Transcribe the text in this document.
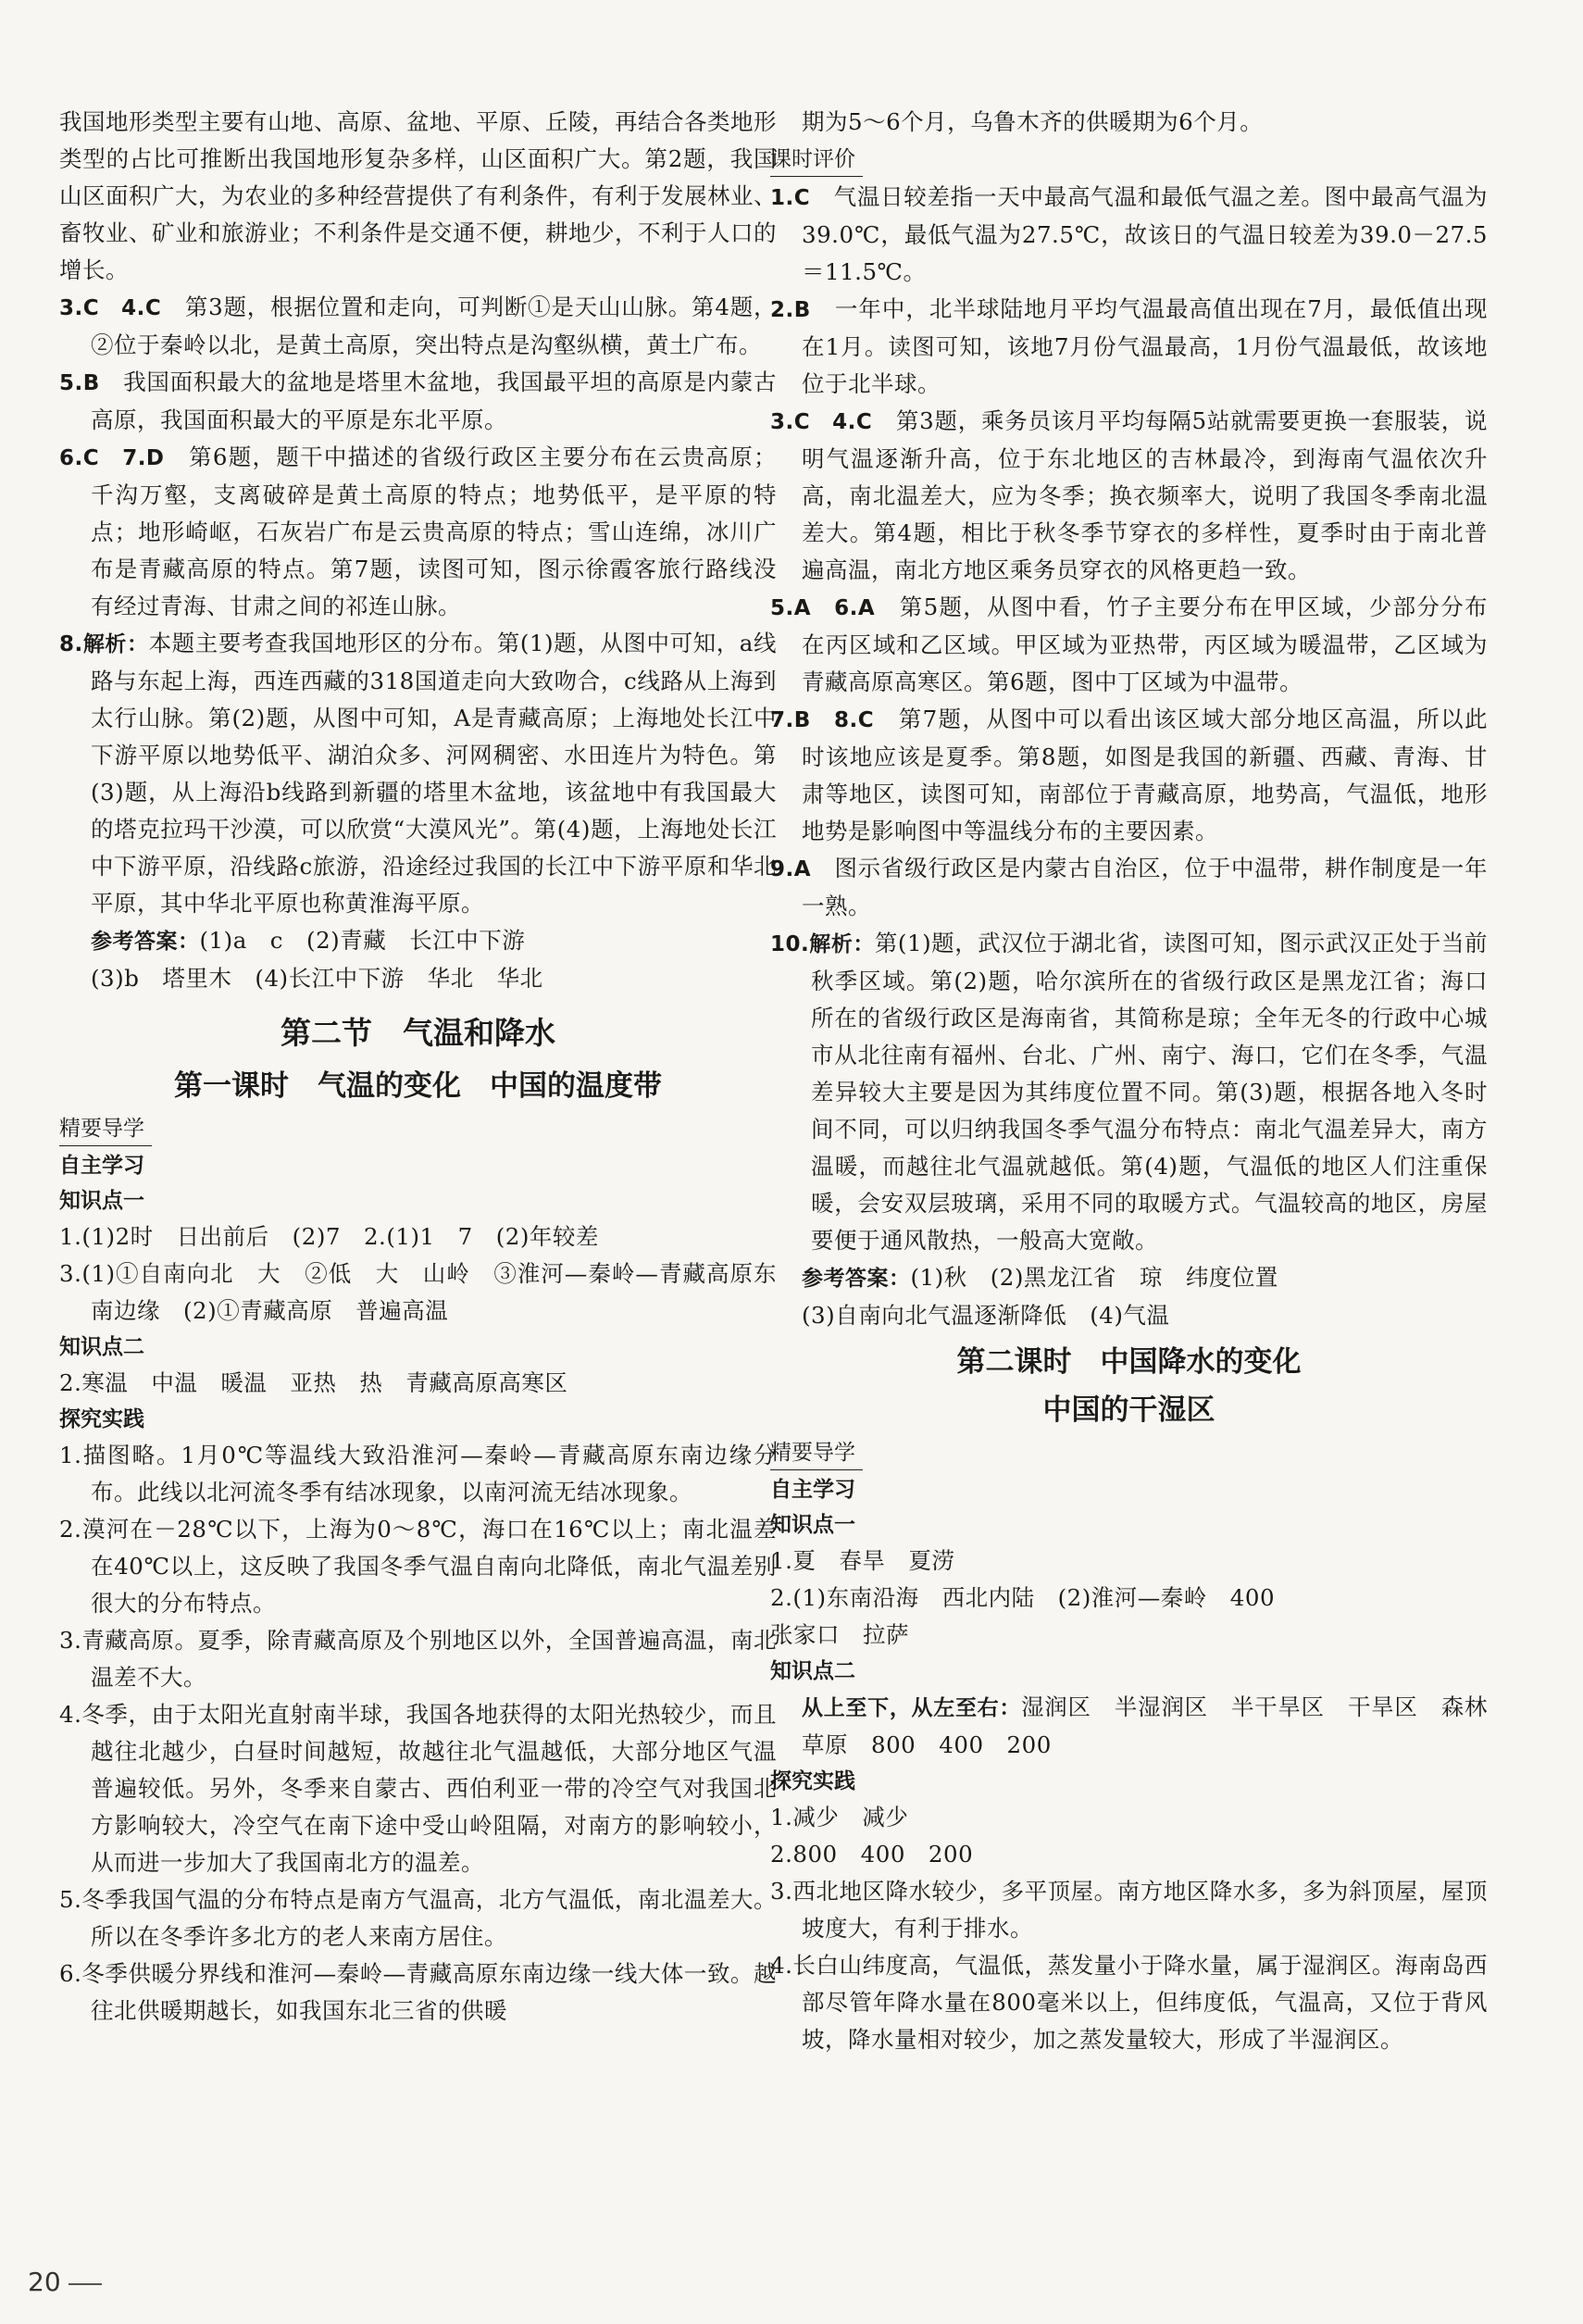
我国地形类型主要有山地、高原、盆地、平原、丘陵，再结合各类地形类型的占比可推断出我国地形复杂多样，山区面积广大。第2题，我国山区面积广大，为农业的多种经营提供了有利条件，有利于发展林业、畜牧业、矿业和旅游业；不利条件是交通不便，耕地少，不利于人口的增长。

3.C　4.C　第3题，根据位置和走向，可判断①是天山山脉。第4题，②位于秦岭以北，是黄土高原，突出特点是沟壑纵横，黄土广布。

5.B　我国面积最大的盆地是塔里木盆地，我国最平坦的高原是内蒙古高原，我国面积最大的平原是东北平原。

6.C　7.D　第6题，题干中描述的省级行政区主要分布在云贵高原；千沟万壑，支离破碎是黄土高原的特点；地势低平，是平原的特点；地形崎岖，石灰岩广布是云贵高原的特点；雪山连绵，冰川广布是青藏高原的特点。第7题，读图可知，图示徐霞客旅行路线没有经过青海、甘肃之间的祁连山脉。

8.解析：本题主要考查我国地形区的分布。第(1)题，从图中可知，a线路与东起上海，西连西藏的318国道走向大致吻合，c线路从上海到太行山脉。第(2)题，从图中可知，A是青藏高原；上海地处长江中下游平原以地势低平、湖泊众多、河网稠密、水田连片为特色。第(3)题，从上海沿b线路到新疆的塔里木盆地，该盆地中有我国最大的塔克拉玛干沙漠，可以欣赏“大漠风光”。第(4)题，上海地处长江中下游平原，沿线路c旅游，沿途经过我国的长江中下游平原和华北平原，其中华北平原也称黄淮海平原。

参考答案：(1)a　c　(2)青藏　长江中下游

(3)b　塔里木　(4)长江中下游　华北　华北

第二节　气温和降水
第一课时　气温的变化　中国的温度带
精要导学

自主学习

知识点一

1.(1)2时　日出前后　(2)7　2.(1)1　7　(2)年较差

3.(1)①自南向北　大　②低　大　山岭　③淮河—秦岭—青藏高原东南边缘　(2)①青藏高原　普遍高温

知识点二

2.寒温　中温　暖温　亚热　热　青藏高原高寒区

探究实践

1.描图略。1月0℃等温线大致沿淮河—秦岭—青藏高原东南边缘分布。此线以北河流冬季有结冰现象，以南河流无结冰现象。

2.漠河在－28℃以下，上海为0～8℃，海口在16℃以上；南北温差在40℃以上，这反映了我国冬季气温自南向北降低，南北气温差别很大的分布特点。

3.青藏高原。夏季，除青藏高原及个别地区以外，全国普遍高温，南北温差不大。

4.冬季，由于太阳光直射南半球，我国各地获得的太阳光热较少，而且越往北越少，白昼时间越短，故越往北气温越低，大部分地区气温普遍较低。另外，冬季来自蒙古、西伯利亚一带的冷空气对我国北方影响较大，冷空气在南下途中受山岭阻隔，对南方的影响较小，从而进一步加大了我国南北方的温差。

5.冬季我国气温的分布特点是南方气温高，北方气温低，南北温差大。所以在冬季许多北方的老人来南方居住。

6.冬季供暖分界线和淮河—秦岭—青藏高原东南边缘一线大体一致。越往北供暖期越长，如我国东北三省的供暖

期为5～6个月，乌鲁木齐的供暖期为6个月。

课时评价

1.C　气温日较差指一天中最高气温和最低气温之差。图中最高气温为39.0℃，最低气温为27.5℃，故该日的气温日较差为39.0－27.5＝11.5℃。

2.B　一年中，北半球陆地月平均气温最高值出现在7月，最低值出现在1月。读图可知，该地7月份气温最高，1月份气温最低，故该地位于北半球。

3.C　4.C　第3题，乘务员该月平均每隔5站就需要更换一套服装，说明气温逐渐升高，位于东北地区的吉林最冷，到海南气温依次升高，南北温差大，应为冬季；换衣频率大，说明了我国冬季南北温差大。第4题，相比于秋冬季节穿衣的多样性，夏季时由于南北普遍高温，南北方地区乘务员穿衣的风格更趋一致。

5.A　6.A　第5题，从图中看，竹子主要分布在甲区域，少部分分布在丙区域和乙区域。甲区域为亚热带，丙区域为暖温带，乙区域为青藏高原高寒区。第6题，图中丁区域为中温带。

7.B　8.C　第7题，从图中可以看出该区域大部分地区高温，所以此时该地应该是夏季。第8题，如图是我国的新疆、西藏、青海、甘肃等地区，读图可知，南部位于青藏高原，地势高，气温低，地形地势是影响图中等温线分布的主要因素。

9.A　图示省级行政区是内蒙古自治区，位于中温带，耕作制度是一年一熟。

10.解析：第(1)题，武汉位于湖北省，读图可知，图示武汉正处于当前秋季区域。第(2)题，哈尔滨所在的省级行政区是黑龙江省；海口所在的省级行政区是海南省，其简称是琼；全年无冬的行政中心城市从北往南有福州、台北、广州、南宁、海口，它们在冬季，气温差异较大主要是因为其纬度位置不同。第(3)题，根据各地入冬时间不同，可以归纳我国冬季气温分布特点：南北气温差异大，南方温暖，而越往北气温就越低。第(4)题，气温低的地区人们注重保暖，会安双层玻璃，采用不同的取暖方式。气温较高的地区，房屋要便于通风散热，一般高大宽敞。

参考答案：(1)秋　(2)黑龙江省　琼　纬度位置

(3)自南向北气温逐渐降低　(4)气温

第二课时　中国降水的变化
中国的干湿区
精要导学

自主学习

知识点一

1.夏　春旱　夏涝

2.(1)东南沿海　西北内陆　(2)淮河—秦岭　400

张家口　拉萨

知识点二

从上至下，从左至右：湿润区　半湿润区　半干旱区　干旱区　森林　草原　800　400　200

探究实践

1.减少　减少

2.800　400　200

3.西北地区降水较少，多平顶屋。南方地区降水多，多为斜顶屋，屋顶坡度大，有利于排水。

4.长白山纬度高，气温低，蒸发量小于降水量，属于湿润区。海南岛西部尽管年降水量在800毫米以上，但纬度低，气温高，又位于背风坡，降水量相对较少，加之蒸发量较大，形成了半湿润区。

20
